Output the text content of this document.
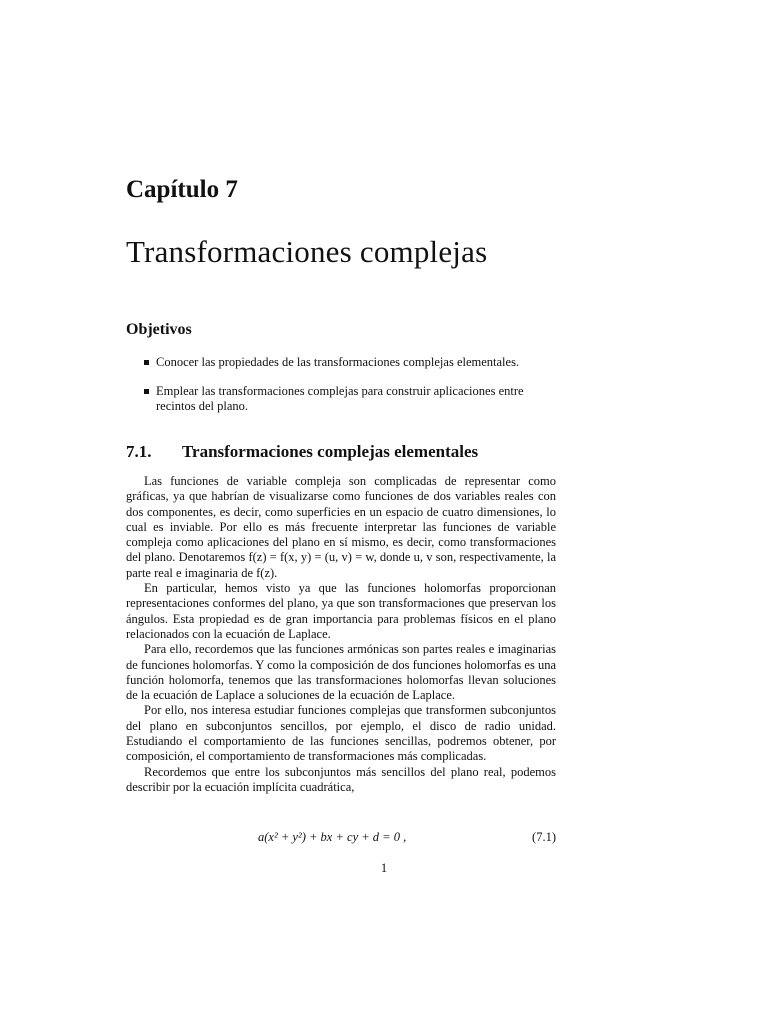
Capítulo 7
Transformaciones complejas
Objetivos
Conocer las propiedades de las transformaciones complejas elementales.
Emplear las transformaciones complejas para construir aplicaciones entre recintos del plano.
7.1. Transformaciones complejas elementales

Las funciones de variable compleja son complicadas de representar como gráficas, ya que habrían de visualizarse como funciones de dos variables reales con dos componentes, es decir, como superficies en un espacio de cuatro dimensiones, lo cual es inviable. Por ello es más frecuente interpretar las funciones de variable compleja como aplicaciones del plano en sí mismo, es decir, como transformaciones del plano. Denotaremos f(z) = f(x, y) = (u, v) = w, donde u, v son, respectivamente, la parte real e imaginaria de f(z).

En particular, hemos visto ya que las funciones holomorfas proporcionan representaciones conformes del plano, ya que son transformaciones que preservan los ángulos. Esta propiedad es de gran importancia para problemas físicos en el plano relacionados con la ecuación de Laplace.

Para ello, recordemos que las funciones armónicas son partes reales e imaginarias de funciones holomorfas. Y como la composición de dos funciones holomorfas es una función holomorfa, tenemos que las transformaciones holomorfas llevan soluciones de la ecuación de Laplace a soluciones de la ecuación de Laplace.

Por ello, nos interesa estudiar funciones complejas que transformen subconjuntos del plano en subconjuntos sencillos, por ejemplo, el disco de radio unidad. Estudiando el comportamiento de las funciones sencillas, podremos obtener, por composición, el comportamiento de transformaciones más complicadas.

Recordemos que entre los subconjuntos más sencillos del plano real, podemos describir por la ecuación implícita cuadrática,

a(x² + y²) + bx + cy + d = 0 ,	(7.1)
1
